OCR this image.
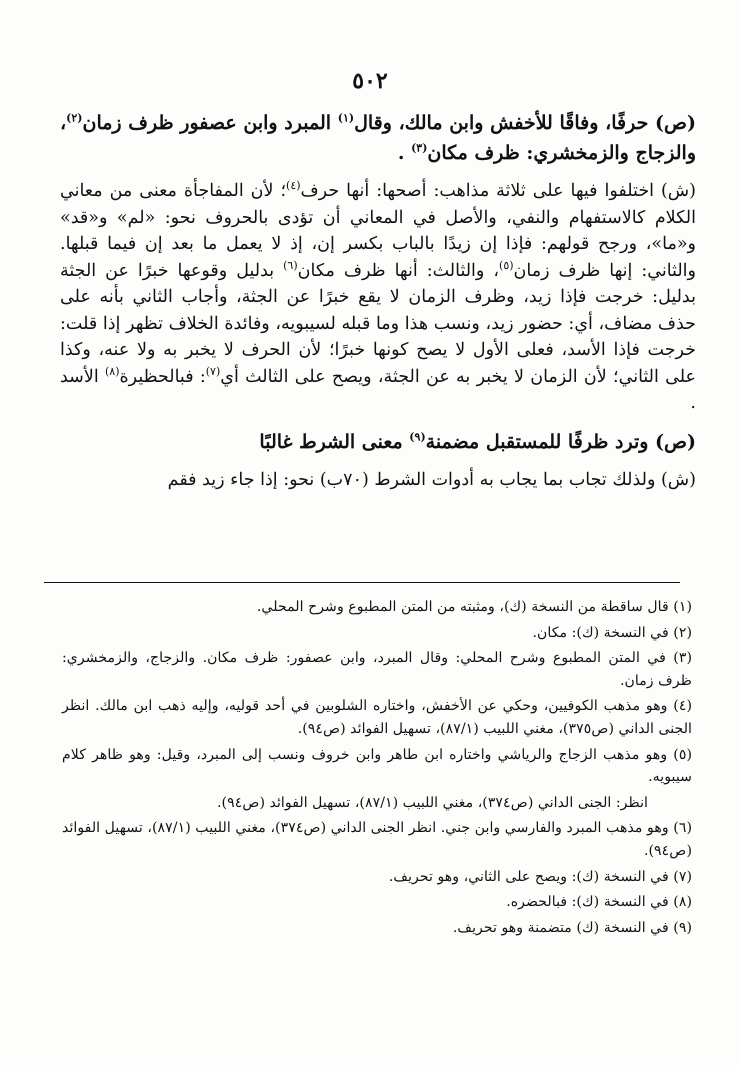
٥٠٢

(ص) حرفًا، وفاقًا للأخفش وابن مالك، وقال$^{(١)}$ المبرد وابن عصفور ظرف زمان$^{(٢)}$، والزجاج والزمخشري: ظرف مكان$^{(٣)}$ .

(ش) اختلفوا فيها على ثلاثة مذاهب: أصحها: أنها حرف$^{(٤)}$؛ لأن المفاجأة معنى من معاني الكلام كالاستفهام والنفي، والأصل في المعاني أن تؤدى بالحروف نحو: «لم» و«قد» و«ما»، ورجح قولهم: فإذا إن زيدًا بالباب بكسر إن، إذ لا يعمل ما بعد إن فيما قبلها. والثاني: إنها ظرف زمان$^{(٥)}$، والثالث: أنها ظرف مكان$^{(٦)}$ بدليل وقوعها خبرًا عن الجثة بدليل: خرجت فإذا زيد، وظرف الزمان لا يقع خبرًا عن الجثة، وأجاب الثاني بأنه على حذف مضاف، أي: حضور زيد، ونسب هذا وما قبله لسيبويه، وفائدة الخلاف تظهر إذا قلت: خرجت فإذا الأسد، فعلى الأول لا يصح كونها خبرًا؛ لأن الحرف لا يخبر به ولا عنه، وكذا على الثاني؛ لأن الزمان لا يخبر به عن الجثة، ويصح على الثالث أي$^{(٧)}$: فبالحظيرة$^{(٨)}$ الأسد .

(ص) وترد ظرفًا للمستقبل مضمنة$^{(٩)}$ معنى الشرط غالبًا

(ش) ولذلك تجاب بما يجاب به أدوات الشرط (٧٠ب) نحو: إذا جاء زيد فقم

(١) قال ساقطة من النسخة (ك)، ومثبته من المتن المطبوع وشرح المحلي.

(٢) في النسخة (ك): مكان.

(٣) في المتن المطبوع وشرح المحلي: وقال المبرد، وابن عصفور: ظرف مكان. والزجاج، والزمخشري: ظرف زمان.

(٤) وهو مذهب الكوفيين، وحكي عن الأخفش، واختاره الشلوبين في أحد قوليه، وإليه ذهب ابن مالك. انظر الجنى الداني (ص٣٧٥)، مغني اللبيب (٨٧/١)، تسهيل الفوائد (ص٩٤).

(٥) وهو مذهب الزجاج والرياشي واختاره ابن طاهر وابن خروف ونسب إلى المبرد، وقيل: وهو ظاهر كلام سيبويه.

انظر: الجنى الداني (ص٣٧٤)، مغني اللبيب (٨٧/١)، تسهيل الفوائد (ص٩٤).

(٦) وهو مذهب المبرد والفارسي وابن جني. انظر الجنى الداني (ص٣٧٤)، مغني اللبيب (٨٧/١)، تسهيل الفوائد (ص٩٤).

(٧) في النسخة (ك): ويصح على الثاني، وهو تحريف.

(٨) في النسخة (ك): فبالحضره.

(٩) في النسخة (ك) متضمنة وهو تحريف.
